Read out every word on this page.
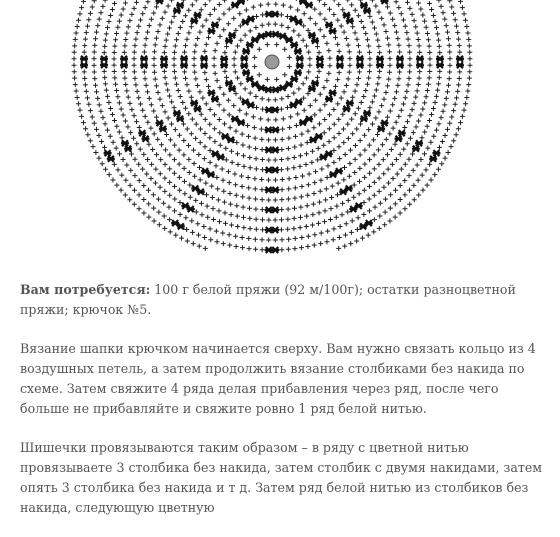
Вам потребуется: 100 г белой пряжи (92 м/100г); остатки разноцветной пряжи; крючок №5.

Вязание шапки крючком начинается сверху. Вам нужно связать кольцо из 4 воздушных петель, а затем продолжить вязание столбиками без накида по схеме. Затем свяжите 4 ряда делая прибавления через ряд, после чего больше не прибавляйте и свяжите ровно 1 ряд белой нитью.

Шишечки провязываются таким образом – в ряду с цветной нитью провязываете 3 столбика без накида, затем столбик с двумя накидами, затем опять 3 столбика без накида и т д. Затем ряд белой нитью из столбиков без накида, следующую цветную
